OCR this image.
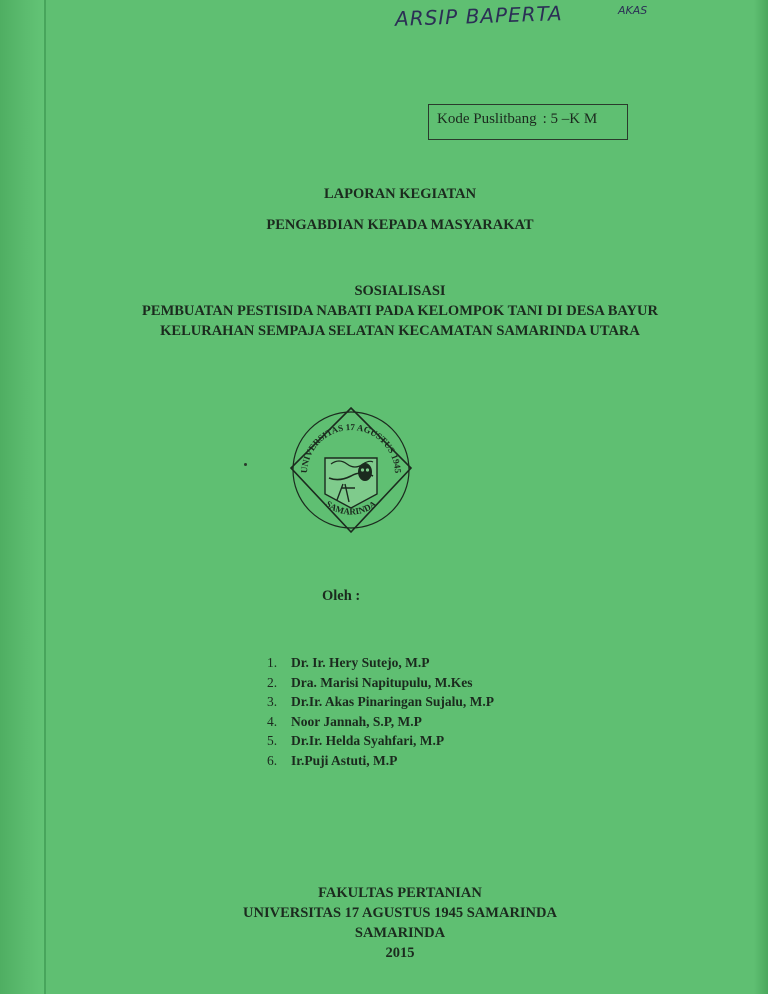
ARSIP BAPERTA	AKAS
Kode Puslitbang : 5 –K M
LAPORAN KEGIATAN
PENGABDIAN KEPADA MASYARAKAT
SOSIALISASI
PEMBUATAN PESTISIDA NABATI PADA KELOMPOK TANI DI DESA BAYUR
KELURAHAN SEMPAJA SELATAN KECAMATAN SAMARINDA UTARA
UNIVERSITAS 17 AGUSTUS 1945
SAMARINDA
Oleh :
1.	Dr. Ir. Hery Sutejo, M.P
2.	Dra. Marisi Napitupulu, M.Kes
3.	Dr.Ir. Akas Pinaringan Sujalu, M.P
4.	Noor Jannah, S.P, M.P
5.	Dr.Ir. Helda Syahfari, M.P
6.	Ir.Puji Astuti, M.P
FAKULTAS PERTANIAN
UNIVERSITAS 17 AGUSTUS 1945 SAMARINDA
SAMARINDA
2015
